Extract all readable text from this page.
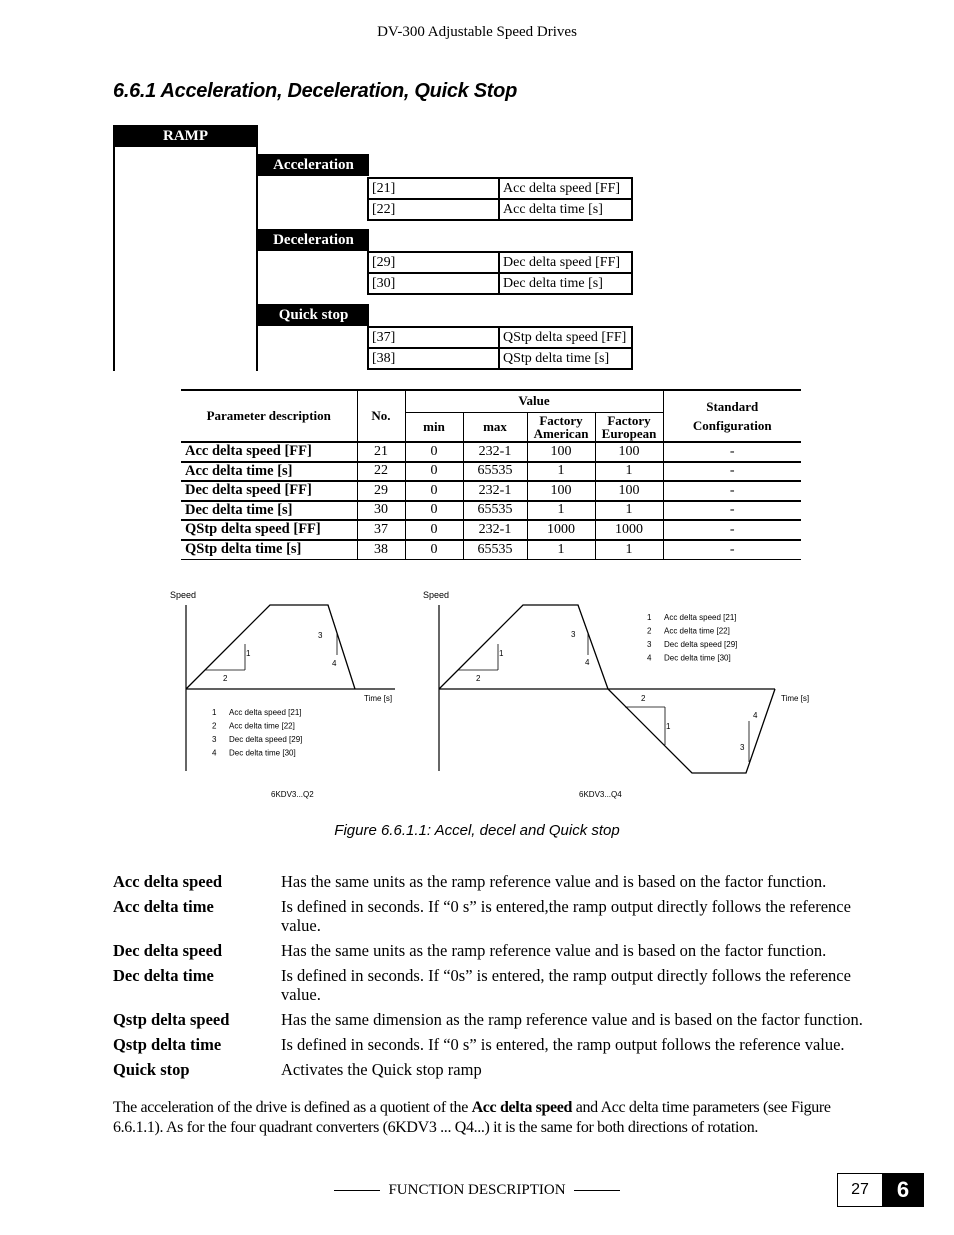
DV-300 Adjustable Speed Drives
6.6.1 Acceleration, Deceleration, Quick Stop
RAMP
Acceleration
[21]	Acc delta speed [FF]
[22]	Acc delta time [s]
Deceleration
[29]	Dec delta speed [FF]
[30]	Dec delta time [s]
Quick stop
[37]	QStp delta speed [FF]
[38]	QStp delta time [s]
Parameter description	No.	Value				Standard
Configuration
		min	max	Factory
American	Factory
European	
Acc delta speed [FF]	21	0	232-1	100	100	-
Acc delta time [s]	22	0	65535	1	1	-
Dec delta speed [FF]	29	0	232-1	100	100	-
Dec delta time [s]	30	0	65535	1	1	-
QStp delta speed [FF]	37	0	232-1	1000	1000	-
QStp delta time [s]	38	0	65535	1	1	-
Speed
1
2
3
4
Time [s]
1 Acc delta speed [21]
2 Acc delta time [22]
3 Dec delta speed [29]
4 Dec delta time [30]
6KDV3...Q2
Speed
1
2
3
4
2
1
3
4
Time [s]
1 Acc delta speed [21]
2 Acc delta time [22]
3 Dec delta speed [29]
4 Dec delta time [30]
6KDV3...Q4
Figure 6.6.1.1: Accel, decel and Quick stop
Acc delta speed	Has the same units as the ramp reference value and is based on the factor function.
Acc delta time	Is defined in seconds. If “0 s” is entered,the ramp output directly follows the reference value.
Dec delta speed	Has the same units as the ramp reference value and is based on the factor function.
Dec delta time	Is defined in seconds. If “0s” is entered, the ramp output directly follows the reference value.
Qstp delta speed	Has the same dimension as the ramp reference value and is based on the factor function.
Qstp delta time	Is defined in seconds. If “0 s” is entered, the ramp output follows the reference value.
Quick stop	Activates the Quick stop ramp
The acceleration of the drive is defined as a quotient of the Acc delta speed and Acc delta time parameters (see Figure 6.6.1.1). As for the four quadrant converters (6KDV3 ... Q4...) it is the same for both directions of rotation.
FUNCTION DESCRIPTION	27	6
